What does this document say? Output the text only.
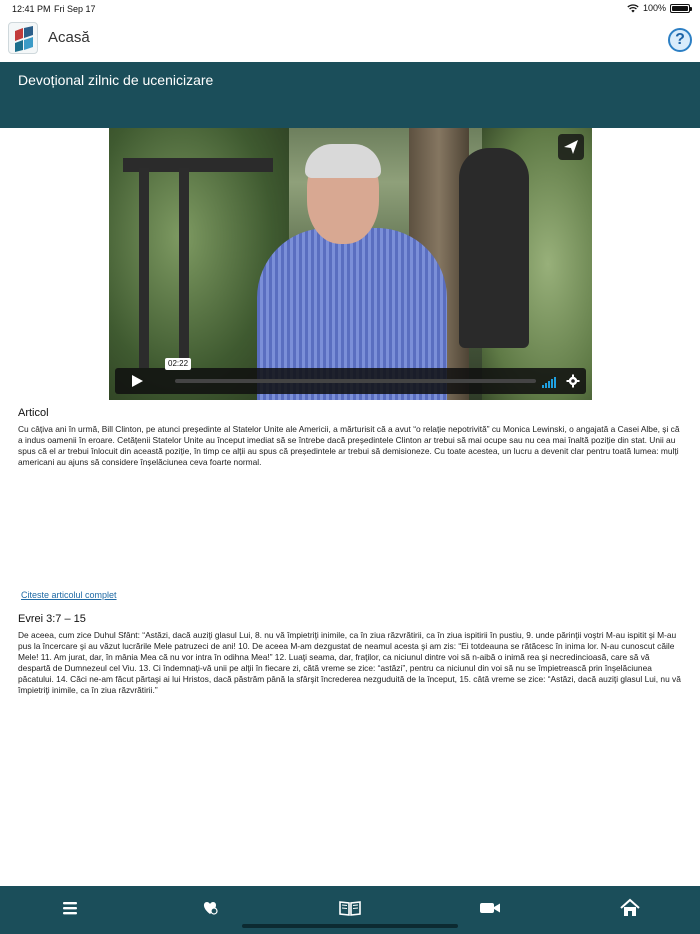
12:41 PM Fri Sep 17	100%
Acasă	?
Devoțional zilnic de ucenicizare
02:22
Articol

Cu câțiva ani în urmă, Bill Clinton, pe atunci președinte al Statelor Unite ale Americii, a mărturisit că a avut “o relație nepotrivită” cu Monica Lewinski, o angajată a Casei Albe, și că a indus oamenii în eroare. Cetățenii Statelor Unite au început imediat să se întrebe dacă președintele Clinton ar trebui să mai ocupe sau nu cea mai înaltă poziție din stat. Unii au spus că el ar trebui înlocuit din această poziție, în timp ce alții au spus că președintele ar trebui să demisioneze. Cu toate acestea, un lucru a devenit clar pentru toată lumea: mulți americani au ajuns să considere înșelăciunea ceva foarte normal.

Citeste articolul complet
Evrei 3:7 – 15

De aceea, cum zice Duhul Sfânt: “Astăzi, dacă auziţi glasul Lui, 8. nu vă împietriţi inimile, ca în ziua răzvrătirii, ca în ziua ispitirii în pustiu, 9. unde părinţii voştri M-au ispitit şi M-au pus la încercare şi au văzut lucrările Mele patruzeci de ani! 10. De aceea M-am dezgustat de neamul acesta şi am zis: “Ei totdeauna se rătăcesc în inima lor. N-au cunoscut căile Mele! 11. Am jurat, dar, în mânia Mea că nu vor intra în odihna Mea!” 12. Luaţi seama, dar, fraţilor, ca niciunul dintre voi să n-aibă o inimă rea şi necredincioasă, care să vă despartă de Dumnezeul cel Viu. 13. Ci îndemnaţi-vă unii pe alţii în fiecare zi, cătă vreme se zice: “astăzi”, pentru ca niciunul din voi să nu se împietrească prin înşelăciunea păcatului. 14. Căci ne-am făcut părtaşi ai lui Hristos, dacă păstrăm până la sfârşit încrederea nezguduită de la început, 15. câtă vreme se zice: “Astăzi, dacă auziţi glasul Lui, nu vă împietriţi inimile, ca în ziua răzvrătirii.”
